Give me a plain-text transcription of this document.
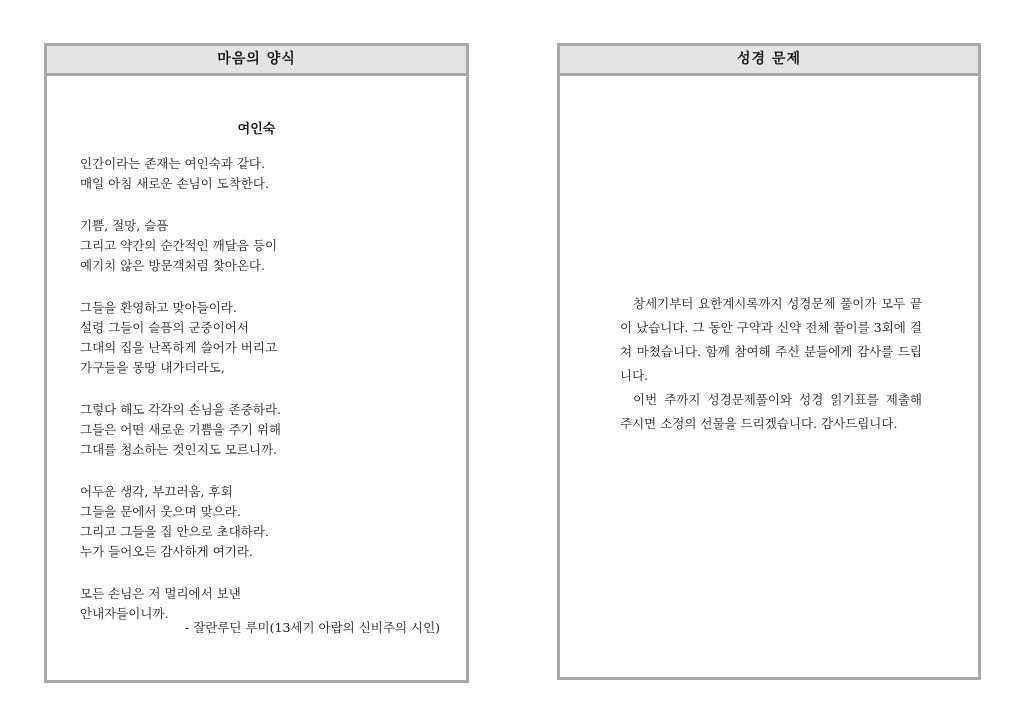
마음의 양식
여인숙
인간이라는 존재는 여인숙과 같다.
매일 아침 새로운 손님이 도착한다.
기쁨, 절망, 슬픔
그리고 약간의 순간적인 깨달음 등이
예기치 않은 방문객처럼 찾아온다.
그들을 환영하고 맞아들이라.
설령 그들이 슬픔의 군중이어서
그대의 집을 난폭하게 쓸어가 버리고
가구들을 몽땅 내가더라도,
그렇다 해도 각각의 손님을 존중하라.
그들은 어떤 새로운 기쁨을 주기 위해
그대를 청소하는 것인지도 모르니까.
어두운 생각, 부끄러움, 후회
그들을 문에서 웃으며 맞으라.
그리고 그들을 집 안으로 초대하라.
누가 들어오든 감사하게 여기라.
모든 손님은 저 멀리에서 보낸
안내자들이니까.
- 잘란루딘 루미(13세기 아랍의 신비주의 시인)
성경 문제

창세기부터 요한계시록까지 성경문제 풀이가 모두 끝이 났습니다. 그 동안 구약과 신약 전체 풀이를 3회에 걸쳐 마쳤습니다. 함께 참여해 주신 분들에게 감사를 드립니다.

이번 주까지 성경문제풀이와 성경 읽기표를 제출해 주시면 소정의 선물을 드리겠습니다. 감사드립니다.
